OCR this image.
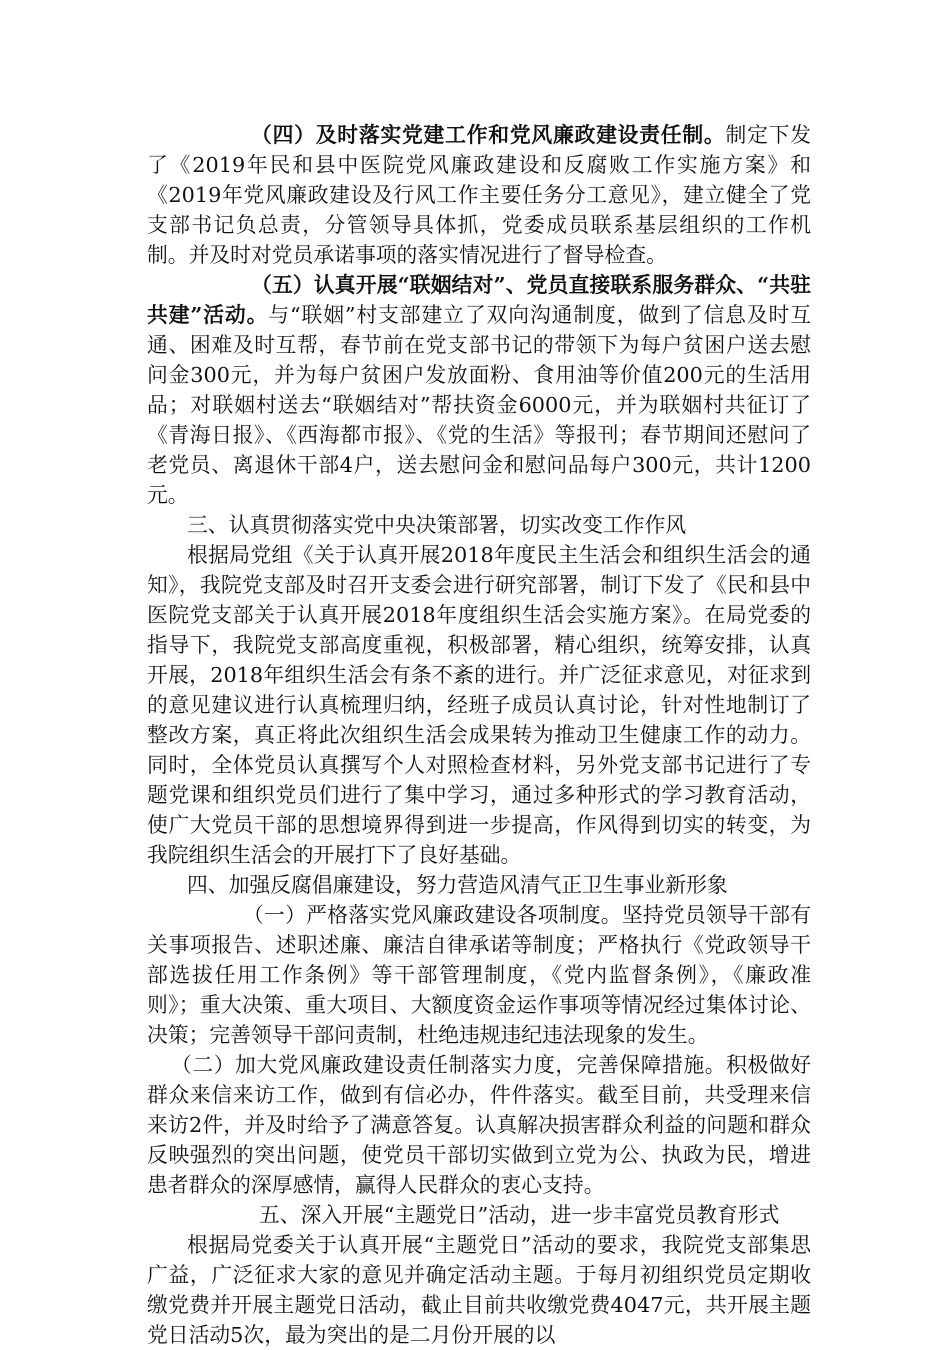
（四）及时落实党建工作和党风廉政建设责任制。制定下发了《2019年民和县中医院党风廉政建设和反腐败工作实施方案》和《2019年党风廉政建设及行风工作主要任务分工意见》，建立健全了党支部书记负总责，分管领导具体抓，党委成员联系基层组织的工作机制。并及时对党员承诺事项的落实情况进行了督导检查。

（五）认真开展“联姻结对”、党员直接联系服务群众、“共驻共建”活动。与“联姻”村支部建立了双向沟通制度，做到了信息及时互通、困难及时互帮，春节前在党支部书记的带领下为每户贫困户送去慰问金300元，并为每户贫困户发放面粉、食用油等价值200元的生活用品；对联姻村送去“联姻结对”帮扶资金6000元，并为联姻村共征订了《青海日报》、《西海都市报》、《党的生活》等报刊；春节期间还慰问了老党员、离退休干部4户，送去慰问金和慰问品每户300元，共计1200元。

三、认真贯彻落实党中央决策部署，切实改变工作作风

根据局党组《关于认真开展2018年度民主生活会和组织生活会的通知》，我院党支部及时召开支委会进行研究部署，制订下发了《民和县中医院党支部关于认真开展2018年度组织生活会实施方案》。在局党委的指导下，我院党支部高度重视，积极部署，精心组织，统筹安排，认真开展，2018年组织生活会有条不紊的进行。并广泛征求意见，对征求到的意见建议进行认真梳理归纳，经班子成员认真讨论，针对性地制订了整改方案，真正将此次组织生活会成果转为推动卫生健康工作的动力。同时，全体党员认真撰写个人对照检查材料，另外党支部书记进行了专题党课和组织党员们进行了集中学习，通过多种形式的学习教育活动，使广大党员干部的思想境界得到进一步提高，作风得到切实的转变，为我院组织生活会的开展打下了良好基础。

四、加强反腐倡廉建设，努力营造风清气正卫生事业新形象

（一）严格落实党风廉政建设各项制度。坚持党员领导干部有关事项报告、述职述廉、廉洁自律承诺等制度；严格执行《党政领导干部选拔任用工作条例》等干部管理制度，《党内监督条例》，《廉政准则》；重大决策、重大项目、大额度资金运作事项等情况经过集体讨论、决策；完善领导干部问责制，杜绝违规违纪违法现象的发生。

（二）加大党风廉政建设责任制落实力度，完善保障措施。积极做好群众来信来访工作，做到有信必办，件件落实。截至目前，共受理来信来访2件，并及时给予了满意答复。认真解决损害群众利益的问题和群众反映强烈的突出问题，使党员干部切实做到立党为公、执政为民，增进患者群众的深厚感情，赢得人民群众的衷心支持。

五、深入开展“主题党日”活动，进一步丰富党员教育形式

根据局党委关于认真开展“主题党日”活动的要求，我院党支部集思广益，广泛征求大家的意见并确定活动主题。于每月初组织党员定期收缴党费并开展主题党日活动，截止目前共收缴党费4047元，共开展主题党日活动5次，最为突出的是二月份开展的以
